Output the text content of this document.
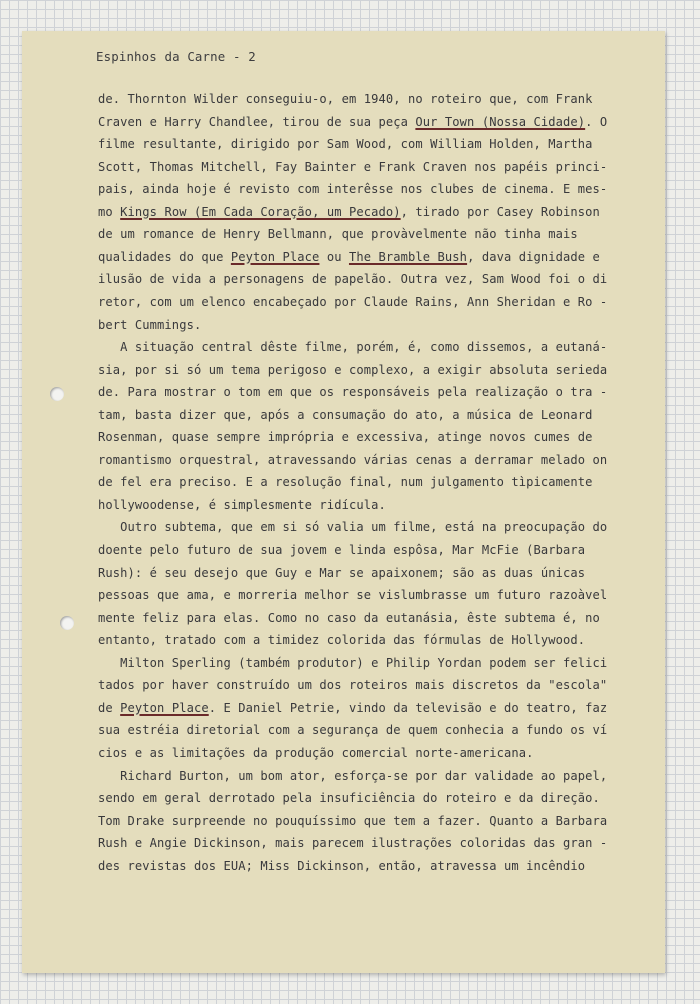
Espinhos da Carne - 2
de. Thornton Wilder conseguiu-o, em 1940, no roteiro que, com Frank
Craven e Harry Chandlee, tirou de sua peça Our Town (Nossa Cidade). O
filme resultante, dirigido por Sam Wood, com William Holden, Martha
Scott, Thomas Mitchell, Fay Bainter e Frank Craven nos papéis princi-
pais, ainda hoje é revisto com interêsse nos clubes de cinema. E mes-
mo Kings Row (Em Cada Coração, um Pecado), tirado por Casey Robinson
de um romance de Henry Bellmann, que provàvelmente não tinha mais
qualidades do que Peyton Place ou The Bramble Bush, dava dignidade e
ilusão de vida a personagens de papelão. Outra vez, Sam Wood foi o di
retor, com um elenco encabeçado por Claude Rains, Ann Sheridan e Ro -
bert Cummings.
A situação central dêste filme, porém, é, como dissemos, a eutaná-
sia, por si só um tema perigoso e complexo, a exigir absoluta serieda
de. Para mostrar o tom em que os responsáveis pela realização o tra -
tam, basta dizer que, após a consumação do ato, a música de Leonard
Rosenman, quase sempre imprópria e excessiva, atinge novos cumes de
romantismo orquestral, atravessando várias cenas a derramar melado on
de fel era preciso. E a resolução final, num julgamento tìpicamente
hollywoodense, é simplesmente ridícula.
Outro subtema, que em si só valia um filme, está na preocupação do
doente pelo futuro de sua jovem e linda espôsa, Mar McFie (Barbara
Rush): é seu desejo que Guy e Mar se apaixonem; são as duas únicas
pessoas que ama, e morreria melhor se vislumbrasse um futuro razoàvel
mente feliz para elas. Como no caso da eutanásia, êste subtema é, no
entanto, tratado com a timidez colorida das fórmulas de Hollywood.
Milton Sperling (também produtor) e Philip Yordan podem ser felici
tados por haver construído um dos roteiros mais discretos da "escola"
de Peyton Place. E Daniel Petrie, vindo da televisão e do teatro, faz
sua estréia diretorial com a segurança de quem conhecia a fundo os ví
cios e as limitações da produção comercial norte-americana.
Richard Burton, um bom ator, esforça-se por dar validade ao papel,
sendo em geral derrotado pela insuficiência do roteiro e da direção.
Tom Drake surpreende no pouquíssimo que tem a fazer. Quanto a Barbara
Rush e Angie Dickinson, mais parecem ilustrações coloridas das gran -
des revistas dos EUA; Miss Dickinson, então, atravessa um incêndio
